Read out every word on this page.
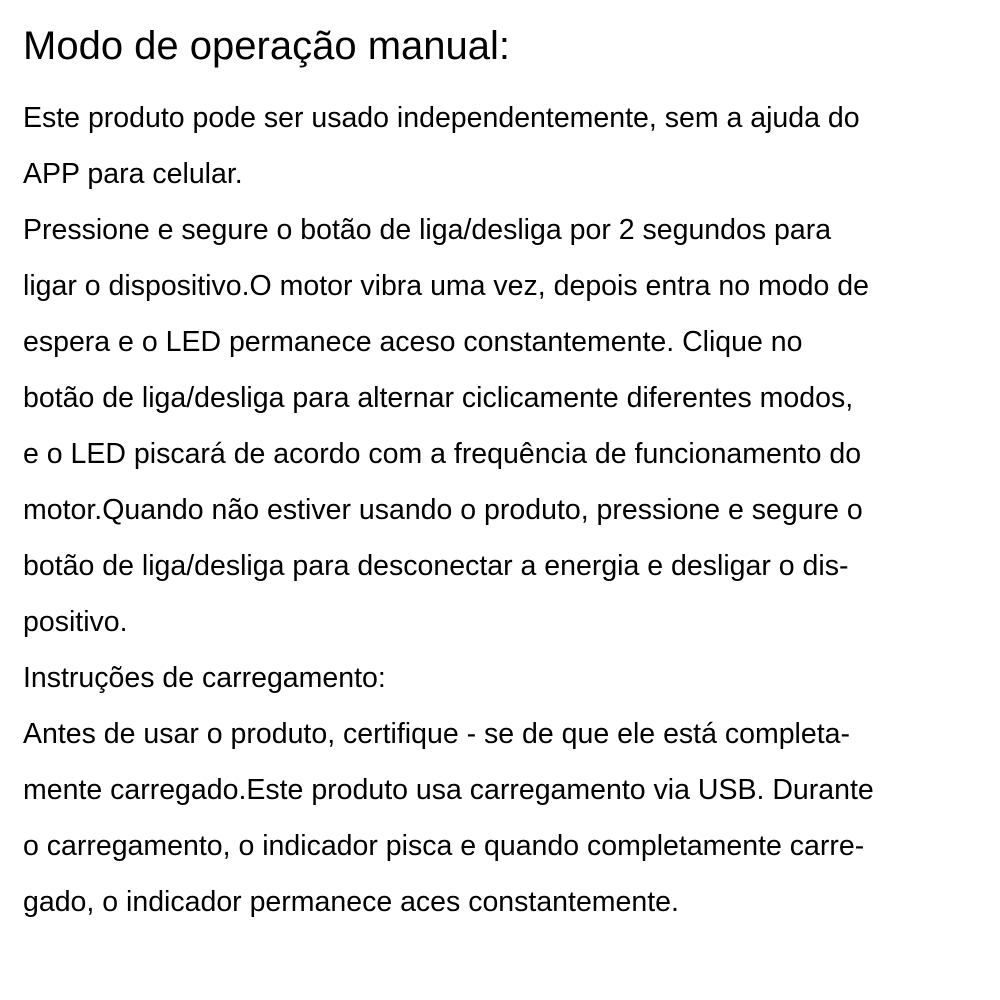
Modo de operação manual:

Este produto pode ser usado independentemente, sem a ajuda do

APP para celular.

Pressione e segure o botão de liga/desliga por 2 segundos para

ligar o dispositivo.O motor vibra uma vez, depois entra no modo de

espera e o LED permanece aceso constantemente. Clique no

botão de liga/desliga para alternar ciclicamente diferentes modos,

e o LED piscará de acordo com a frequência de funcionamento do

motor.Quando não estiver usando o produto, pressione e segure o

botão de liga/desliga para desconectar a energia e desligar o dis-

positivo.

Instruções de carregamento:

Antes de usar o produto, certifique - se de que ele está completa-

mente carregado.Este produto usa carregamento via USB. Durante

o carregamento, o indicador pisca e quando completamente carre-

gado, o indicador permanece aces constantemente.
